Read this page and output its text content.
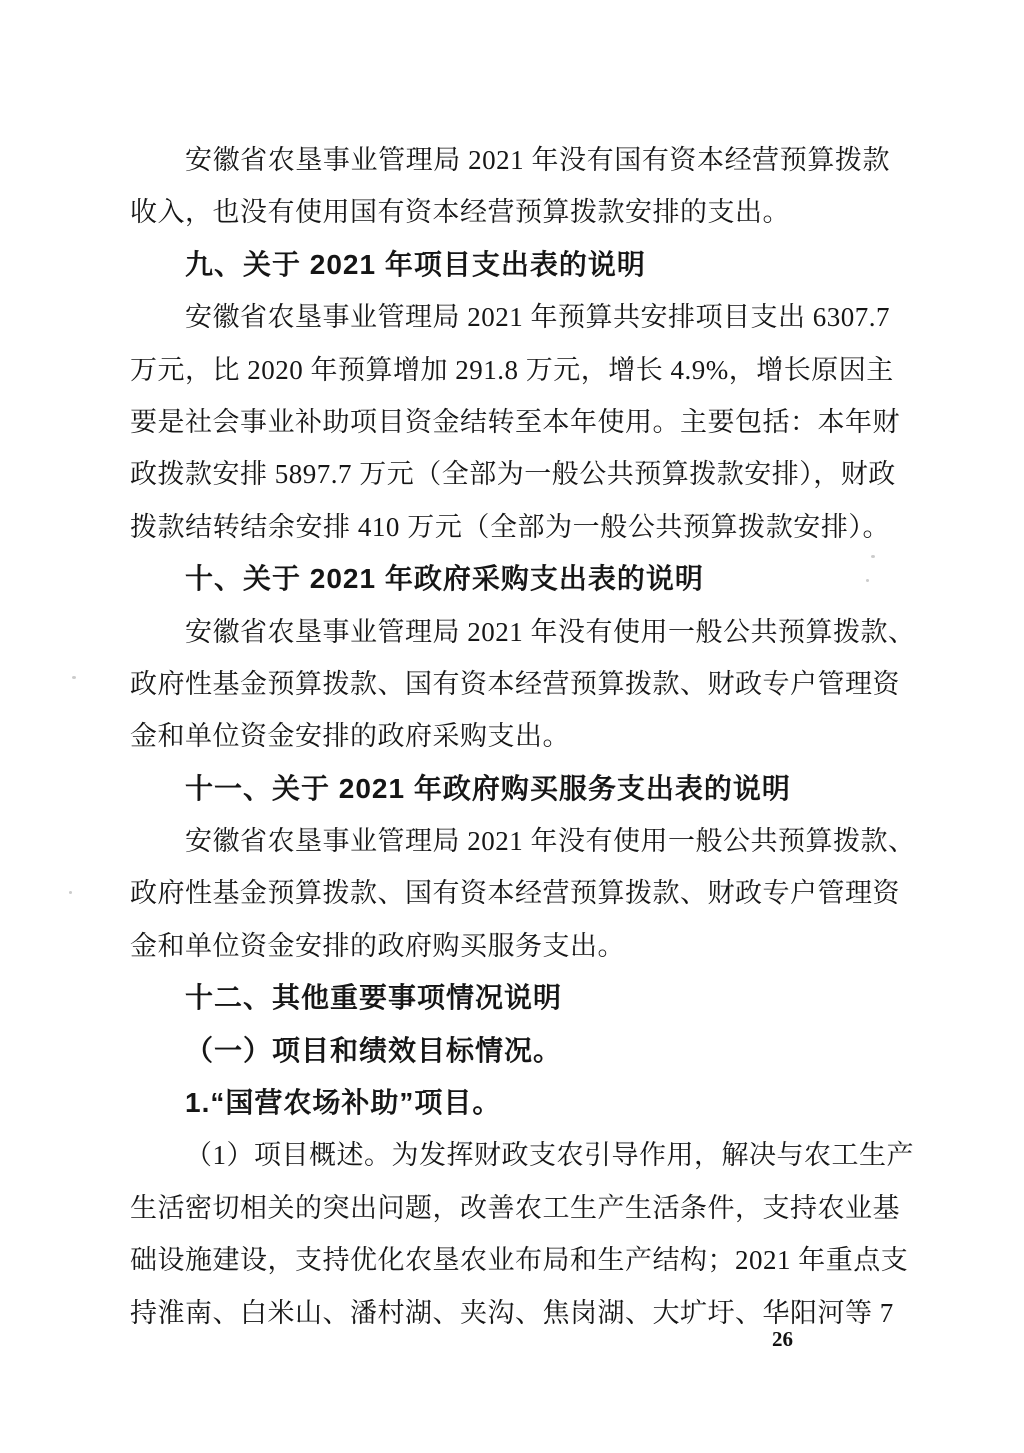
安徽省农垦事业管理局 2021 年没有国有资本经营预算拨款
收入，也没有使用国有资本经营预算拨款安排的支出。
九、关于 2021 年项目支出表的说明
安徽省农垦事业管理局 2021 年预算共安排项目支出 6307.7
万元，比 2020 年预算增加 291.8 万元，增长 4.9%，增长原因主
要是社会事业补助项目资金结转至本年使用。主要包括：本年财
政拨款安排 5897.7 万元（全部为一般公共预算拨款安排），财政
拨款结转结余安排 410 万元（全部为一般公共预算拨款安排）。
十、关于 2021 年政府采购支出表的说明
安徽省农垦事业管理局 2021 年没有使用一般公共预算拨款、
政府性基金预算拨款、国有资本经营预算拨款、财政专户管理资
金和单位资金安排的政府采购支出。
十一、关于 2021 年政府购买服务支出表的说明
安徽省农垦事业管理局 2021 年没有使用一般公共预算拨款、
政府性基金预算拨款、国有资本经营预算拨款、财政专户管理资
金和单位资金安排的政府购买服务支出。
十二、其他重要事项情况说明
（一）项目和绩效目标情况。
1.“国营农场补助”项目。
（1）项目概述。为发挥财政支农引导作用，解决与农工生产
生活密切相关的突出问题，改善农工生产生活条件，支持农业基
础设施建设，支持优化农垦农业布局和生产结构；2021 年重点支
持淮南、白米山、潘村湖、夹沟、焦岗湖、大圹圩、华阳河等 7
26
